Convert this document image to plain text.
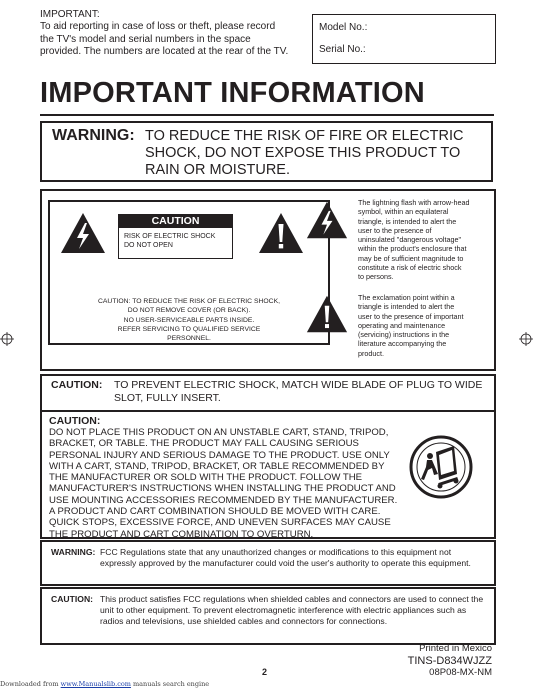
IMPORTANT:
To aid reporting in case of loss or theft, please record
the TV's model and serial numbers in the space
provided. The numbers are located at the rear of the TV.
Model No.:
Serial No.:
IMPORTANT INFORMATION
WARNING: TO REDUCE THE RISK OF FIRE OR ELECTRIC SHOCK, DO NOT EXPOSE THIS PRODUCT TO RAIN OR MOISTURE.
CAUTION
RISK OF ELECTRIC SHOCK
DO NOT OPEN
CAUTION: TO REDUCE THE RISK OF ELECTRIC SHOCK,
DO NOT REMOVE COVER (OR BACK).
NO USER-SERVICEABLE PARTS INSIDE.
REFER SERVICING TO QUALIFIED SERVICE
PERSONNEL.
The lightning flash with arrow-head
symbol, within an equilateral
triangle, is intended to alert the
user to the presence of
uninsulated "dangerous voltage"
within the product's enclosure that
may be of sufficient magnitude to
constitute a risk of electric shock
to persons.
The exclamation point within a
triangle is intended to alert the
user to the presence of important
operating and maintenance
(servicing) instructions in the
literature accompanying the
product.
CAUTION: TO PREVENT ELECTRIC SHOCK, MATCH WIDE BLADE OF PLUG TO WIDE SLOT, FULLY INSERT.
CAUTION:
DO NOT PLACE THIS PRODUCT ON AN UNSTABLE CART, STAND, TRIPOD,
BRACKET, OR TABLE. THE PRODUCT MAY FALL CAUSING SERIOUS
PERSONAL INJURY AND SERIOUS DAMAGE TO THE PRODUCT. USE ONLY
WITH A CART, STAND, TRIPOD, BRACKET, OR TABLE RECOMMENDED BY
THE MANUFACTURER OR SOLD WITH THE PRODUCT. FOLLOW THE
MANUFACTURER'S INSTRUCTIONS WHEN INSTALLING THE PRODUCT AND
USE MOUNTING ACCESSORIES RECOMMENDED BY THE MANUFACTURER.
A PRODUCT AND CART COMBINATION SHOULD BE MOVED WITH CARE.
QUICK STOPS, EXCESSIVE FORCE, AND UNEVEN SURFACES MAY CAUSE
THE PRODUCT AND CART COMBINATION TO OVERTURN.
WARNING: FCC Regulations state that any unauthorized changes or modifications to this equipment not expressly approved by the manufacturer could void the user's authority to operate this equipment.
CAUTION: This product satisfies FCC regulations when shielded cables and connectors are used to connect the unit to other equipment. To prevent electromagnetic interference with electric appliances such as radios and televisions, use shielded cables and connectors for connections.
Printed in Mexico
TINS-D834WJZZ
08P08-MX-NM
2
Downloaded from www.Manualslib.com manuals search engine
